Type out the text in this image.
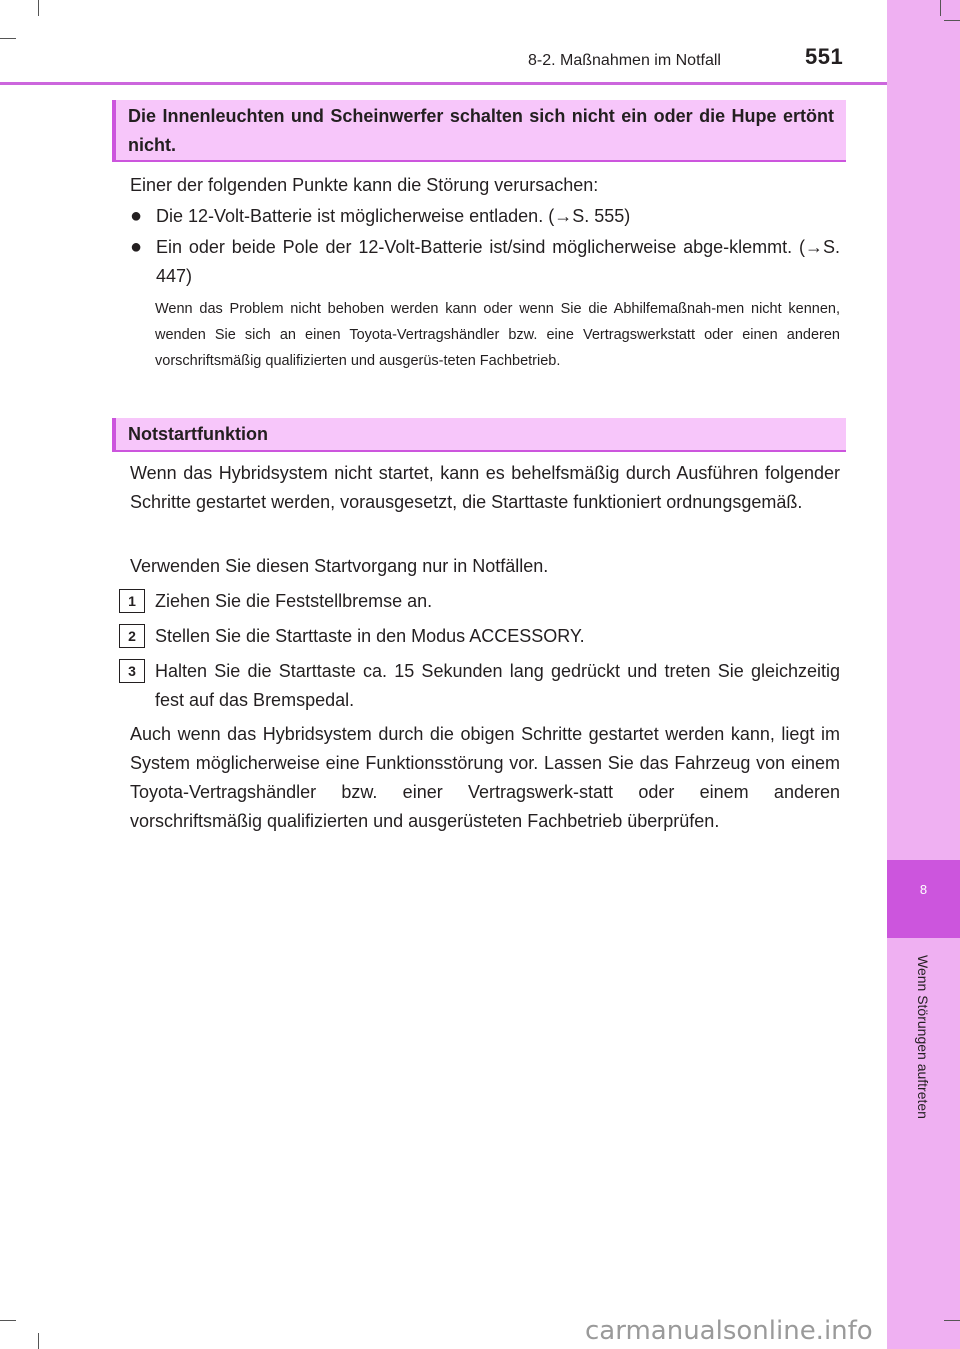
8
Wenn Störungen auftreten
8-2. Maßnahmen im Notfall	551
Die Innenleuchten und Scheinwerfer schalten sich nicht ein oder die Hupe ertönt nicht.
Einer der folgenden Punkte kann die Störung verursachen:
● Die 12-Volt-Batterie ist möglicherweise entladen. (→S. 555)
● Ein oder beide Pole der 12-Volt-Batterie ist/sind möglicherweise abge-klemmt. (→S. 447)
Wenn das Problem nicht behoben werden kann oder wenn Sie die Abhilfemaßnah-men nicht kennen, wenden Sie sich an einen Toyota-Vertragshändler bzw. eine Vertragswerkstatt oder einen anderen vorschriftsmäßig qualifizierten und ausgerüs-teten Fachbetrieb.
Notstartfunktion
Wenn das Hybridsystem nicht startet, kann es behelfsmäßig durch Ausführen folgender Schritte gestartet werden, vorausgesetzt, die Starttaste funktioniert ordnungsgemäß.
Verwenden Sie diesen Startvorgang nur in Notfällen.
1	Ziehen Sie die Feststellbremse an.
2	Stellen Sie die Starttaste in den Modus ACCESSORY.
3	Halten Sie die Starttaste ca. 15 Sekunden lang gedrückt und treten Sie gleichzeitig fest auf das Bremspedal.
Auch wenn das Hybridsystem durch die obigen Schritte gestartet werden kann, liegt im System möglicherweise eine Funktionsstörung vor. Lassen Sie das Fahrzeug von einem Toyota-Vertragshändler bzw. einer Vertragswerk-statt oder einem anderen vorschriftsmäßig qualifizierten und ausgerüsteten Fachbetrieb überprüfen.
carmanualsonline.info
